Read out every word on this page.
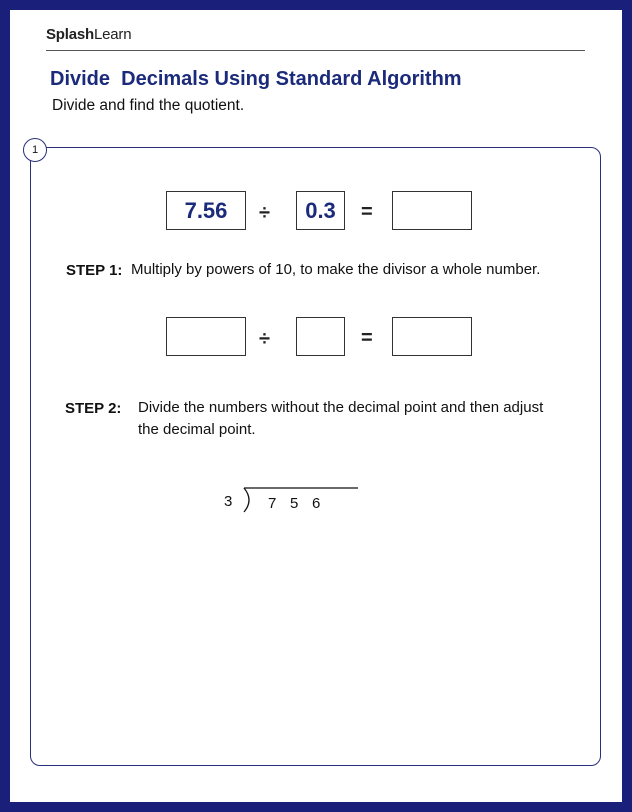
SplashLearn
Divide  Decimals Using Standard Algorithm
Divide and find the quotient.
1
7.56	÷	0.3	=
STEP 1: Multiply by powers of 10, to make the divisor a whole number.
÷	=
STEP 2: Divide the numbers without the decimal point and then adjust
the decimal point.
3 7 5 6
